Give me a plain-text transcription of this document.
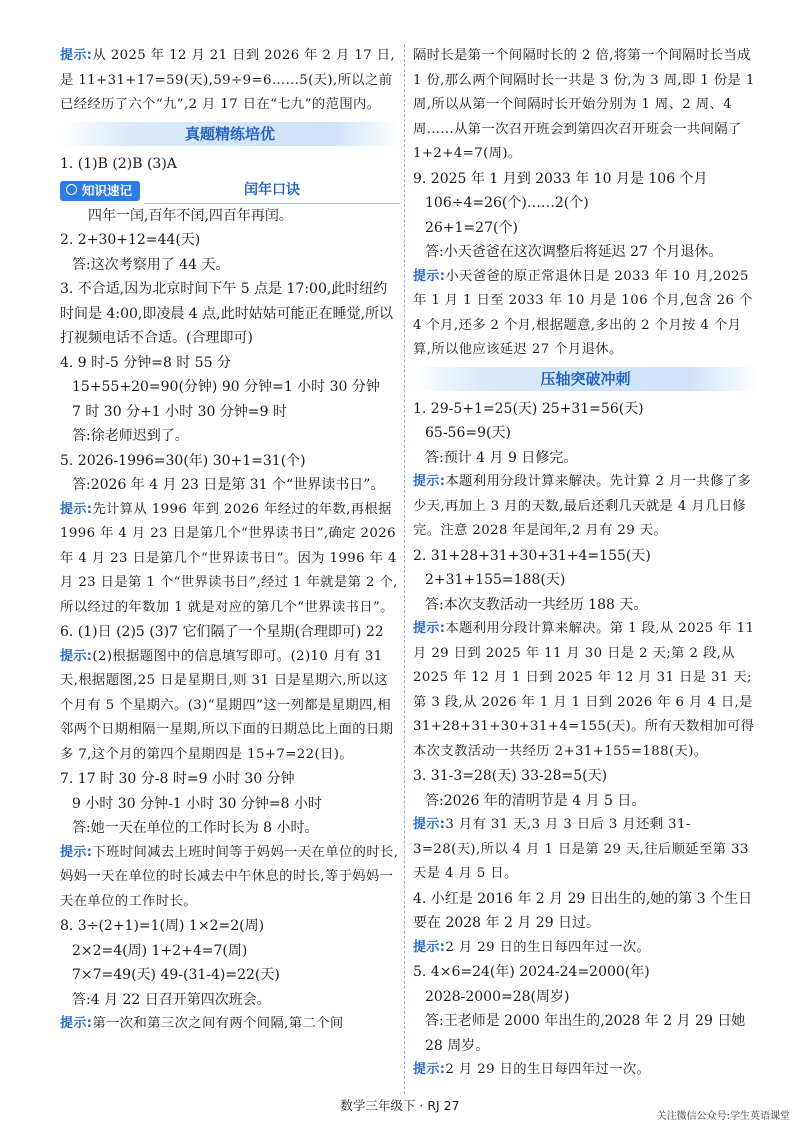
提示:从 2025 年 12 月 21 日到 2026 年 2 月 17 日,是 11+31+17=59(天),59÷9=6……5(天),所以之前已经经历了六个“九”,2 月 17 日在“七九”的范围内。

真题精练培优

1. (1)B (2)B (3)A

知识速记	闰年口诀

四年一闰,百年不闰,四百年再闰。

2. 2+30+12=44(天)

答:这次考察用了 44 天。

3. 不合适,因为北京时间下午 5 点是 17:00,此时纽约时间是 4:00,即凌晨 4 点,此时姑姑可能正在睡觉,所以打视频电话不合适。(合理即可)

4. 9 时-5 分钟=8 时 55 分

15+55+20=90(分钟) 90 分钟=1 小时 30 分钟

7 时 30 分+1 小时 30 分钟=9 时

答:徐老师迟到了。

5. 2026-1996=30(年) 30+1=31(个)

答:2026 年 4 月 23 日是第 31 个“世界读书日”。

提示:先计算从 1996 年到 2026 年经过的年数,再根据 1996 年 4 月 23 日是第几个“世界读书日”,确定 2026 年 4 月 23 日是第几个“世界读书日”。因为 1996 年 4 月 23 日是第 1 个“世界读书日”,经过 1 年就是第 2 个,所以经过的年数加 1 就是对应的第几个“世界读书日”。

6. (1)日 (2)5 (3)7 它们隔了一个星期(合理即可) 22

提示:(2)根据题图中的信息填写即可。(2)10 月有 31 天,根据题图,25 日是星期日,则 31 日是星期六,所以这个月有 5 个星期六。(3)“星期四”这一列都是星期四,相邻两个日期相隔一星期,所以下面的日期总比上面的日期多 7,这个月的第四个星期四是 15+7=22(日)。

7. 17 时 30 分-8 时=9 小时 30 分钟

9 小时 30 分钟-1 小时 30 分钟=8 小时

答:她一天在单位的工作时长为 8 小时。

提示:下班时间减去上班时间等于妈妈一天在单位的时长,妈妈一天在单位的时长减去中午休息的时长,等于妈妈一天在单位的工作时长。

8. 3÷(2+1)=1(周) 1×2=2(周)

2×2=4(周) 1+2+4=7(周)

7×7=49(天) 49-(31-4)=22(天)

答:4 月 22 日召开第四次班会。

提示:第一次和第三次之间有两个间隔,第二个间

隔时长是第一个间隔时长的 2 倍,将第一个间隔时长当成 1 份,那么两个间隔时长一共是 3 份,为 3 周,即 1 份是 1 周,所以从第一个间隔时长开始分别为 1 周、2 周、4 周……从第一次召开班会到第四次召开班会一共间隔了 1+2+4=7(周)。

9. 2025 年 1 月到 2033 年 10 月是 106 个月

106÷4=26(个)……2(个)

26+1=27(个)

答:小天爸爸在这次调整后将延迟 27 个月退休。

提示:小天爸爸的原正常退休日是 2033 年 10 月,2025 年 1 月 1 日至 2033 年 10 月是 106 个月,包含 26 个 4 个月,还多 2 个月,根据题意,多出的 2 个月按 4 个月算,所以他应该延迟 27 个月退休。

压轴突破冲刺

1. 29-5+1=25(天) 25+31=56(天)

65-56=9(天)

答:预计 4 月 9 日修完。

提示:本题利用分段计算来解决。先计算 2 月一共修了多少天,再加上 3 月的天数,最后还剩几天就是 4 月几日修完。注意 2028 年是闰年,2 月有 29 天。

2. 31+28+31+30+31+4=155(天)

2+31+155=188(天)

答:本次支教活动一共经历 188 天。

提示:本题利用分段计算来解决。第 1 段,从 2025 年 11 月 29 日到 2025 年 11 月 30 日是 2 天;第 2 段,从 2025 年 12 月 1 日到 2025 年 12 月 31 日是 31 天;第 3 段,从 2026 年 1 月 1 日到 2026 年 6 月 4 日,是 31+28+31+30+31+4=155(天)。所有天数相加可得本次支教活动一共经历 2+31+155=188(天)。

3. 31-3=28(天) 33-28=5(天)

答:2026 年的清明节是 4 月 5 日。

提示:3 月有 31 天,3 月 3 日后 3 月还剩 31-3=28(天),所以 4 月 1 日是第 29 天,往后顺延至第 33 天是 4 月 5 日。

4. 小红是 2016 年 2 月 29 日出生的,她的第 3 个生日要在 2028 年 2 月 29 日过。

提示:2 月 29 日的生日每四年过一次。

5. 4×6=24(年) 2024-24=2000(年)

2028-2000=28(周岁)

答:王老师是 2000 年出生的,2028 年 2 月 29 日她 28 周岁。

提示:2 月 29 日的生日每四年过一次。

数学三年级下 · RJ 27
关注微信公众号:学生英语课堂
